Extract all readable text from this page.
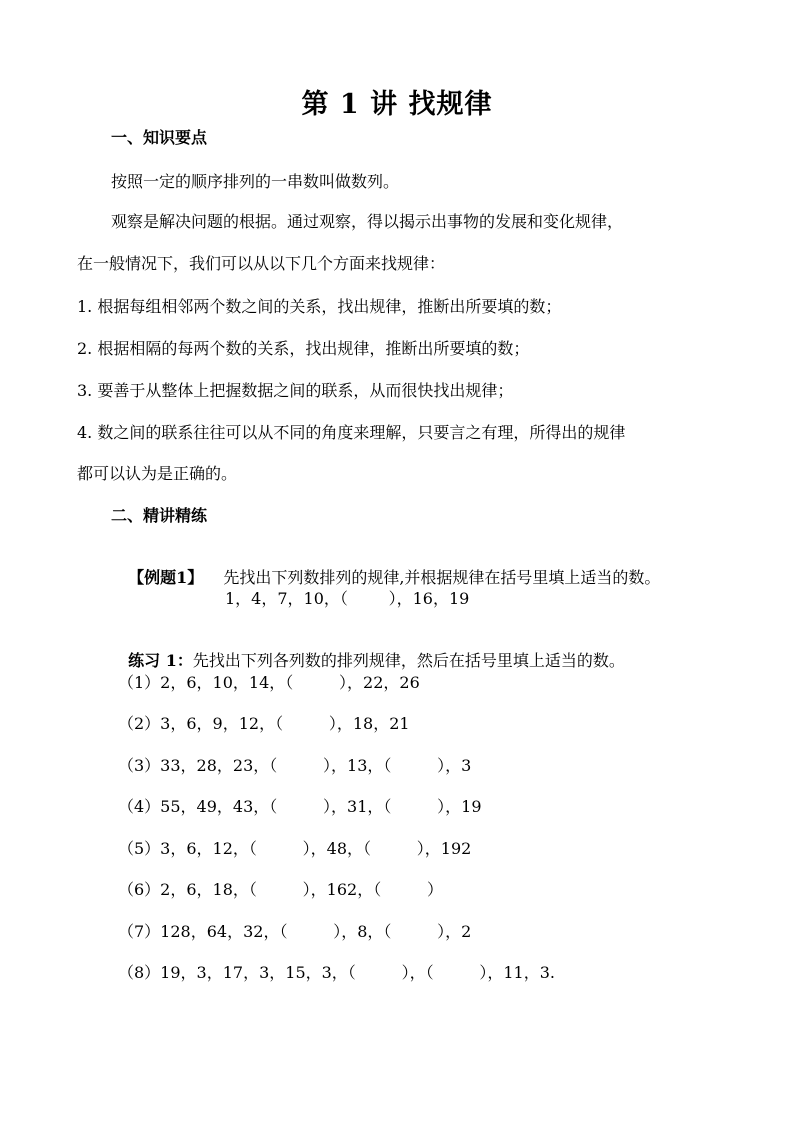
第 1 讲 找规律
一、知识要点
按照一定的顺序排列的一串数叫做数列。
观察是解决问题的根据。通过观察，得以揭示出事物的发展和变化规律，
在一般情况下，我们可以从以下几个方面来找规律：
1. 根据每组相邻两个数之间的关系，找出规律，推断出所要填的数；
2. 根据相隔的每两个数的关系，找出规律，推断出所要填的数；
3. 要善于从整体上把握数据之间的联系，从而很快找出规律；
4. 数之间的联系往往可以从不同的角度来理解，只要言之有理，所得出的规律
都可以认为是正确的。
二、精讲精练

【例题1】 先找出下列数排列的规律,并根据规律在括号里填上适当的数。

1，4，7，10，（        ），16，19

练习 1：先找出下列各列数的排列规律，然后在括号里填上适当的数。

（1）2，6，10，14，（         ），22，26
（2）3，6，9，12，（         ），18，21
（3）33，28，23，（         ），13，（         ），3
（4）55，49，43，（         ），31，（         ），19
（5）3，6，12，（         ），48，（         ），192
（6）2，6，18，（         ），162，（         ）
（7）128，64，32，（         ），8，（         ），2
（8）19，3，17，3，15，3，（         ），（         ），11，3.
